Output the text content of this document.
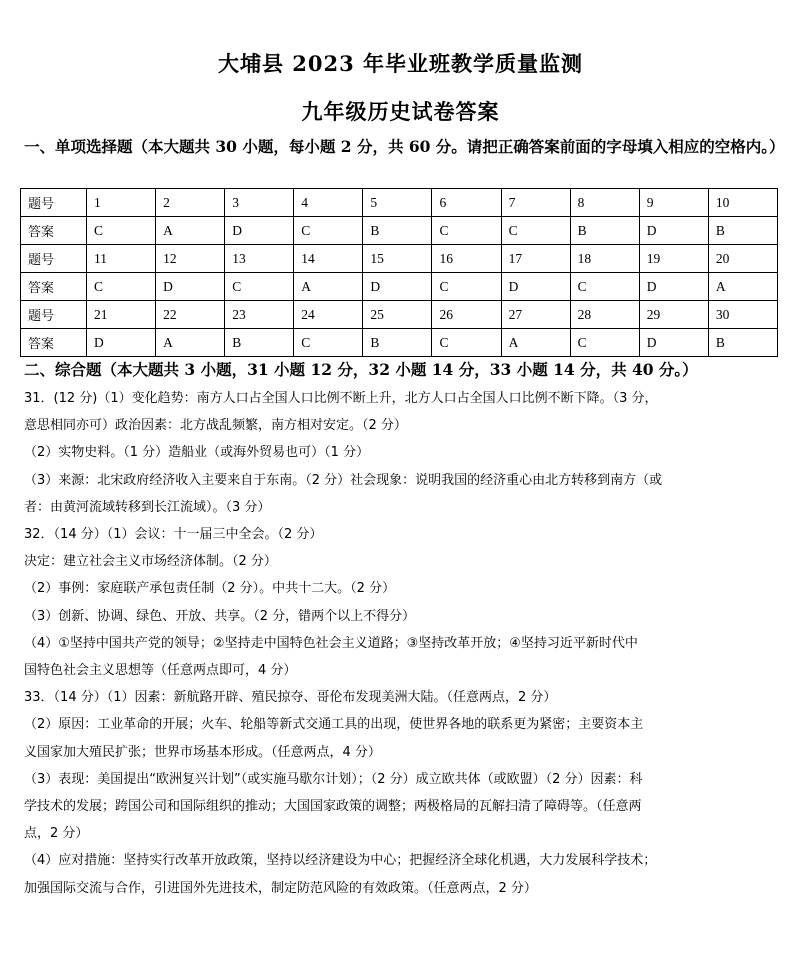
大埔县 2023 年毕业班教学质量监测
九年级历史试卷答案
一、单项选择题（本大题共 30 小题，每小题 2 分，共 60 分。请把正确答案前面的字母填入相应的空格内。）
题号	1	2	3	4	5	6	7	8	9	10
答案	C	A	D	C	B	C	C	B	D	B
题号	11	12	13	14	15	16	17	18	19	20
答案	C	D	C	A	D	C	D	C	D	A
题号	21	22	23	24	25	26	27	28	29	30
答案	D	A	B	C	B	C	A	C	D	B
二、综合题（本大题共 3 小题，31 小题 12 分，32 小题 14 分，33 小题 14 分，共 40 分。）
31．(12 分)（1）变化趋势：南方人口占全国人口比例不断上升，北方人口占全国人口比例不断下降。（3 分，
意思相同亦可）政治因素：北方战乱频繁，南方相对安定。（2 分）
（2）实物史料。（1 分）造船业（或海外贸易也可）（1 分）
（3）来源：北宋政府经济收入主要来自于东南。（2 分）社会现象：说明我国的经济重心由北方转移到南方（或
者：由黄河流域转移到长江流域）。（3 分）
32．（14 分）（1）会议：十一届三中全会。（2 分）
决定：建立社会主义市场经济体制。（2 分）
（2）事例：家庭联产承包责任制（2 分）。中共十二大。（2 分）
（3）创新、协调、绿色、开放、共享。（2 分，错两个以上不得分）
（4）①坚持中国共产党的领导；②坚持走中国特色社会主义道路；③坚持改革开放；④坚持习近平新时代中
国特色社会主义思想等（任意两点即可，4 分）
33．（14 分）（1）因素：新航路开辟、殖民掠夺、哥伦布发现美洲大陆。（任意两点，2 分）
（2）原因：工业革命的开展；火车、轮船等新式交通工具的出现，使世界各地的联系更为紧密；主要资本主
义国家加大殖民扩张；世界市场基本形成。（任意两点，4 分）
（3）表现：美国提出“欧洲复兴计划”（或实施马歇尔计划）；（2 分）成立欧共体（或欧盟）（2 分）因素：科
学技术的发展；跨国公司和国际组织的推动；大国国家政策的调整；两极格局的瓦解扫清了障碍等。（任意两
点，2 分）
（4）应对措施：坚持实行改革开放政策，坚持以经济建设为中心；把握经济全球化机遇，大力发展科学技术；
加强国际交流与合作，引进国外先进技术，制定防范风险的有效政策。（任意两点，2 分）
